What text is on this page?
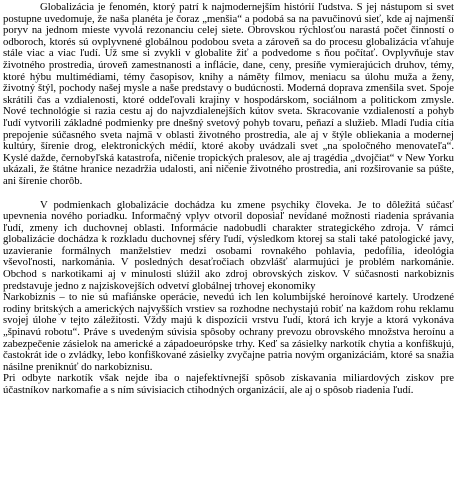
Globalizácia je fenomén, ktorý patrí k najmodernejším histórií ľudstva. S jej nástupom si svet postupne uvedomuje, že naša planéta je čoraz „menšia“ a podobá sa na pavučinovú sieť, kde aj najmenší poryv na jednom mieste vyvolá rezonanciu celej siete. Obrovskou rýchlosťou narastá počet činností o odboroch, ktorés sú ovplyvnené globálnou podobou sveta a zároveň sa do procesu globalizácia vťahuje stále viac a viac ľudí. Už sme si zvykli v globalite žiť a podvedome s ňou počítať. Ovplyvňuje stav životného prostredia, úroveň zamestnanosti a inflácie, dane, ceny, presíňe vymierajúcich druhov, témy, ktoré hýbu multimédiami, témy časopisov, knihy a náměty filmov, meniacu sa úlohu muža a ženy, životný štýl, pochody našej mysle a naše predstavy o budúcnosti. Moderná doprava zmenšila svet. Spoje skrátili čas a vzdialenosti, ktoré oddeľovali krajiny v hospodárskom, sociálnom a politickom zmysle. Nové technológie si razia cestu aj do najvzdialenejších kútov sveta. Skracovanie vzdialeností a pohyb ľudí vytvorili základné podmienky pre dnešný svetový pohyb tovaru, peňazí a služieb. Mladí ľudia cítia prepojenie súčasného sveta najmä v oblasti životného prostredia, ale aj v štýle obliekania a modernej kultúry, šírenie drog, elektronických médií, ktoré akoby uvádzali svet „na spoločného menovateľa“. Kyslé dažde, černobyľská katastrofa, ničenie tropických pralesov, ale aj tragédia „dvojčiat“ v New Yorku ukázali, že štátne hranice nezadržia udalosti, ani ničenie životného prostredia, ani rozširovanie sa púšte, ani šírenie chorôb.

V podmienkach globalizácie dochádza ku zmene psychiky človeka. Je to dôležitá súčasť upevnenia nového poriadku. Informačný vplyv otvoril doposiaľ nevídané možnosti riadenia správania ľudí, zmeny ich duchovnej oblasti. Informácie nadobudli charakter strategického zdroja. V rámci globalizácie dochádza k rozkladu duchovnej sféry ľudí, výsledkom ktorej sa stali také patologické javy, uzavieranie formálnych manželstiev medzi osobami rovnakého pohlavia, pedofília, ideológia vševoľnosti, narkománia. V posledných desaťročiach obzvlášť alarmujúci je problém narkománie. Obchod s narkotikami aj v minulosti slúžil ako zdroj obrovských ziskov. V súčasnosti narkobiznis predstavuje jedno z najziskovejších odvetví globálnej trhovej ekonomiky

Narkobiznis – to nie sú mafiánske operácie, nevedú ich len kolumbijské heroínové kartely. Urodzené rodiny britských a amerických najvyšších vrstiev sa rozhodne nechystajú robiť na každom rohu reklamu svojej úlohe v tejto záležitosti. Vždy majú k dispozícii vrstvu ľudí, ktorá ich kryje a ktorá vykonáva „špinavú robotu“. Práve s uvedeným súvisia spôsoby ochrany prevozu obrovského množstva heroínu a zabezpečenie zásielok na americké a západoeurópske trhy. Keď sa zásielky narkotík chytia a konfiškujú, častokrát ide o zvládky, lebo konfiškované zásielky zvyčajne patria novým organizáciám, ktoré sa snažia násilne preniknúť do narkobiznisu.

Pri odbyte narkotík však nejde iba o najefektívnejší spôsob získavania miliardových ziskov pre účastníkov narkomafie a s ním súvisiacich ctihodných organizácií, ale aj o spôsob riadenia ľudí.
